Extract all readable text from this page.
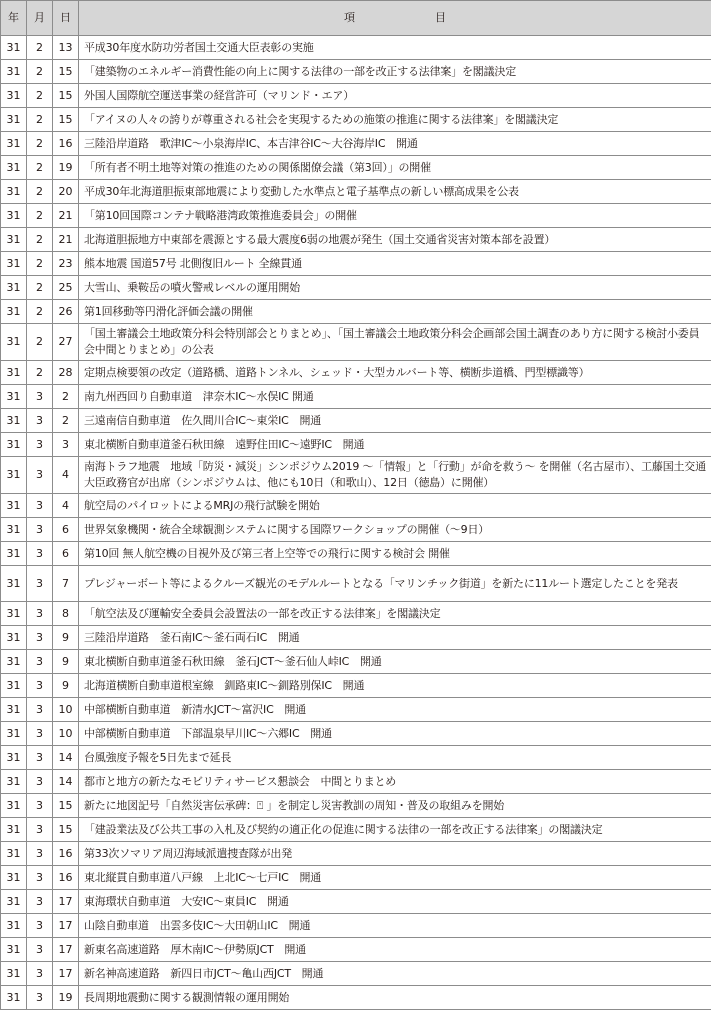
年	月	日	項目
31	2	13	平成30年度水防功労者国土交通大臣表彰の実施
31	2	15	「建築物のエネルギー消費性能の向上に関する法律の一部を改正する法律案」を閣議決定
31	2	15	外国人国際航空運送事業の経営許可（マリンド・エア）
31	2	15	「アイヌの人々の誇りが尊重される社会を実現するための施策の推進に関する法律案」を閣議決定
31	2	16	三陸沿岸道路　歌津IC～小泉海岸IC、本吉津谷IC～大谷海岸IC　開通
31	2	19	「所有者不明土地等対策の推進のための関係閣僚会議（第3回）」の開催
31	2	20	平成30年北海道胆振東部地震により変動した水準点と電子基準点の新しい標高成果を公表
31	2	21	「第10回国際コンテナ戦略港湾政策推進委員会」の開催
31	2	21	北海道胆振地方中東部を震源とする最大震度6弱の地震が発生（国土交通省災害対策本部を設置）
31	2	23	熊本地震 国道57号 北側復旧ルート 全線貫通
31	2	25	大雪山、乗鞍岳の噴火警戒レベルの運用開始
31	2	26	第1回移動等円滑化評価会議の開催
31	2	27	「国土審議会土地政策分科会特別部会とりまとめ」、「国土審議会土地政策分科会企画部会国土調査のあり方に関する検討小委員会中間とりまとめ」の公表
31	2	28	定期点検要領の改定（道路橋、道路トンネル、シェッド・大型カルバート等、横断歩道橋、門型標識等）
31	3	2	南九州西回り自動車道　津奈木IC～水俣IC 開通
31	3	2	三遠南信自動車道　佐久間川合IC～東栄IC　開通
31	3	3	東北横断自動車道釜石秋田線　遠野住田IC～遠野IC　開通
31	3	4	南海トラフ地震　地域「防災・減災」シンポジウム2019 ～「情報」と「行動」が命を救う～ を開催（名古屋市）、工藤国土交通大臣政務官が出席（シンポジウムは、他にも10日（和歌山）、12日（徳島）に開催）
31	3	4	航空局のパイロットによるMRJの飛行試験を開始
31	3	6	世界気象機関・統合全球観測システムに関する国際ワークショップの開催（～9日）
31	3	6	第10回 無人航空機の目視外及び第三者上空等での飛行に関する検討会 開催
31	3	7	プレジャーボート等によるクルーズ観光のモデルルートとなる「マリンチック街道」を新たに11ルート選定したことを発表
31	3	8	「航空法及び運輸安全委員会設置法の一部を改正する法律案」を閣議決定
31	3	9	三陸沿岸道路　釜石南IC～釜石両石IC　開通
31	3	9	東北横断自動車道釜石秋田線　釜石JCT～釜石仙人峠IC　開通
31	3	9	北海道横断自動車道根室線　釧路東IC～釧路別保IC　開通
31	3	10	中部横断自動車道　新清水JCT～富沢IC　開通
31	3	10	中部横断自動車道　下部温泉早川IC～六郷IC　開通
31	3	14	台風強度予報を5日先まで延長
31	3	14	都市と地方の新たなモビリティサービス懇談会　中間とりまとめ
31	3	15	新たに地図記号「自然災害伝承碑：⍞ 」を制定し災害教訓の周知・普及の取組みを開始
31	3	15	「建設業法及び公共工事の入札及び契約の適正化の促進に関する法律の一部を改正する法律案」の閣議決定
31	3	16	第33次ソマリア周辺海域派遣捜査隊が出発
31	3	16	東北縦貫自動車道八戸線　上北IC～七戸IC　開通
31	3	17	東海環状自動車道　大安IC～東員IC　開通
31	3	17	山陰自動車道　出雲多伎IC～大田朝山IC　開通
31	3	17	新東名高速道路　厚木南IC～伊勢原JCT　開通
31	3	17	新名神高速道路　新四日市JCT～亀山西JCT　開通
31	3	19	長周期地震動に関する観測情報の運用開始
